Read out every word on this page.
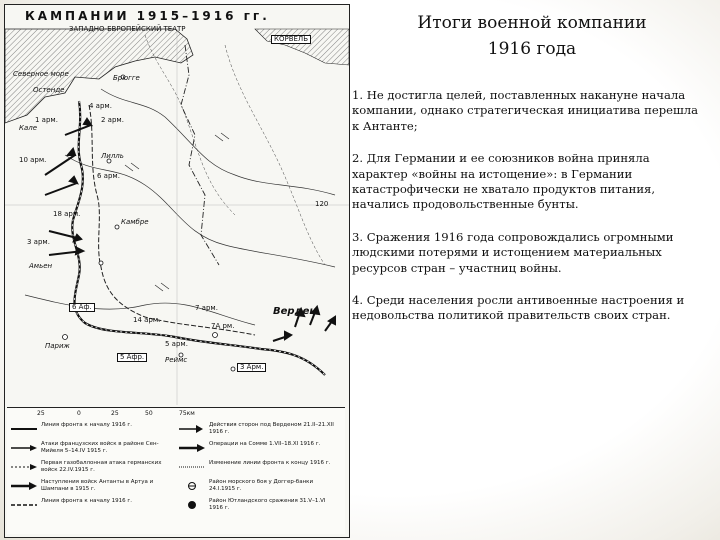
КАМПАНИИ 1915–1916 гг.
ЗАПАДНО-ЕВРОПЕЙСКИЙ ТЕАТР
Северное море
Остенде
Брюгге
Кале
4 арм.
2 арм.
Лилль
10 арм.
6 арм.
1 арм.
3 арм.
18 арм.
Камбре
Амьен
7 арм.
5 арм.
14 арм.
Париж
Верден
Реймс
КОРВЕЛЬ
120
6 Аф.
5 Афр.
7А рм.
3 Арм.
25	0	25	50	75км
Линия фронта к началу 1916 г.
Атаки французских войск в районе Сен-Мийеля 5–14.IV 1915 г.
Первая газобаллонная атака германских войск 22.IV.1915 г.
Наступления войск Антанты в Артуа и Шампани в 1915 г.
Линия фронта к началу 1916 г.
Действия сторон под Верденом 21.II–21.XII 1916 г.
Операции на Сомме 1.VII–18.XI 1916 г.
Изменение линии фронта к концу 1916 г.
Район морского боя у Доггер-банки 24.I.1915 г.
Район Ютландского сражения 31.V–1.VI 1916 г.
Итоги военной компании
1916 года

1. Не достигла целей, поставленных накануне начала компании, однако стратегическая инициатива перешла к Антанте;

2. Для Германии и ее союзников война приняла характер «войны на истощение»: в Германии катастрофически не хватало продуктов питания, начались продовольственные бунты.

3. Сражения 1916 года сопровождались огромными людскими потерями и истощением материальных ресурсов стран – участниц войны.

4. Среди населения росли антивоенные настроения и недовольства политикой правительств своих стран.
